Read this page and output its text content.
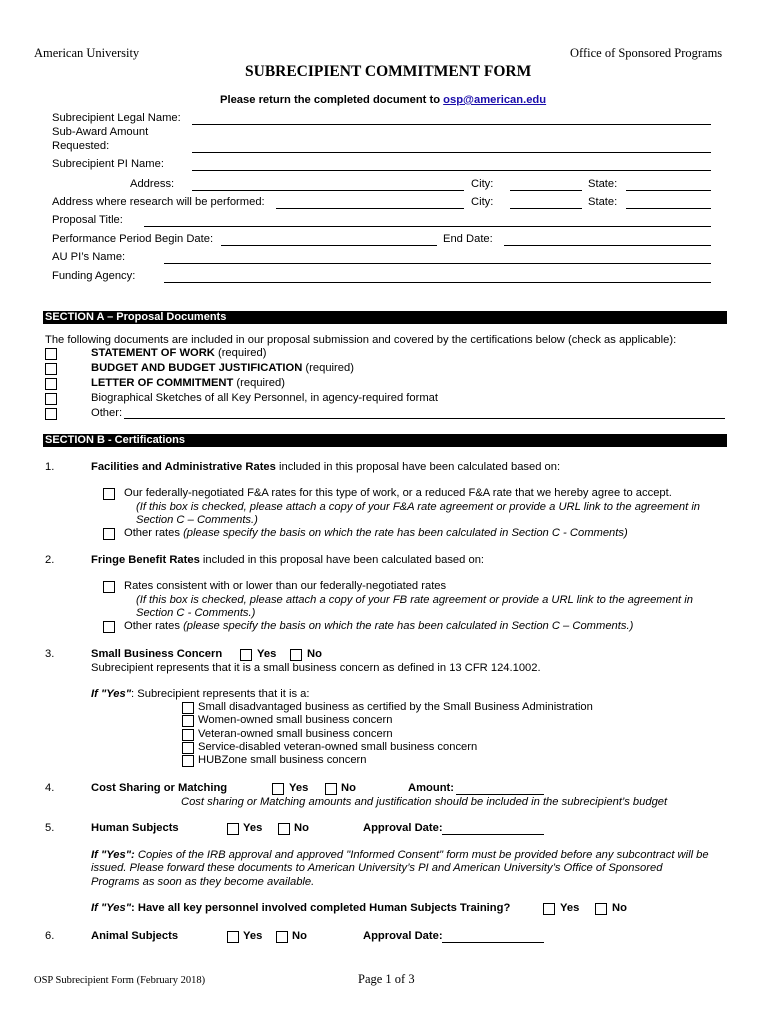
American University	Office of Sponsored Programs
SUBRECIPIENT COMMITMENT FORM
Please return the completed document to osp@american.edu
Subrecipient Legal Name:
Sub-Award Amount
Requested:
Subrecipient PI Name:
Address:	City:	State:
Address where research will be performed:	City:	State:
Proposal Title:
Performance Period Begin Date:	End Date:
AU PI’s Name:
Funding Agency:
SECTION A – Proposal Documents
The following documents are included in our proposal submission and covered by the certifications below (check as applicable):
STATEMENT OF WORK (required)
BUDGET AND BUDGET JUSTIFICATION (required)
LETTER OF COMMITMENT (required)
Biographical Sketches of all Key Personnel, in agency-required format
Other:
SECTION B - Certifications
1.	Facilities and Administrative Rates included in this proposal have been calculated based on:
Our federally-negotiated F&A rates for this type of work, or a reduced F&A rate that we hereby agree to accept.
(If this box is checked, please attach a copy of your F&A rate agreement or provide a URL link to the agreement in
Section C – Comments.)
Other rates (please specify the basis on which the rate has been calculated in Section C - Comments)
2.	Fringe Benefit Rates included in this proposal have been calculated based on:
Rates consistent with or lower than our federally-negotiated rates
(If this box is checked, please attach a copy of your FB rate agreement or provide a URL link to the agreement in
Section C - Comments.)
Other rates (please specify the basis on which the rate has been calculated in Section C – Comments.)
3.	Small Business Concern	Yes	No
Subrecipient represents that it is a small business concern as defined in 13 CFR 124.1002.
If "Yes": Subrecipient represents that it is a:
Small disadvantaged business as certified by the Small Business Administration
Women-owned small business concern
Veteran-owned small business concern
Service-disabled veteran-owned small business concern
HUBZone small business concern
4.	Cost Sharing or Matching	Yes	No	Amount:
Cost sharing or Matching amounts and justification should be included in the subrecipient’s budget
5.	Human Subjects	Yes	No	Approval Date:
If "Yes": Copies of the IRB approval and approved "Informed Consent" form must be provided before any subcontract will be
issued. Please forward these documents to American University’s PI and American University’s Office of Sponsored
Programs as soon as they become available.
If "Yes": Have all key personnel involved completed Human Subjects Training?	Yes	No
6.	Animal Subjects	Yes	No	Approval Date:
OSP Subrecipient Form (February 2018)	Page 1 of 3
